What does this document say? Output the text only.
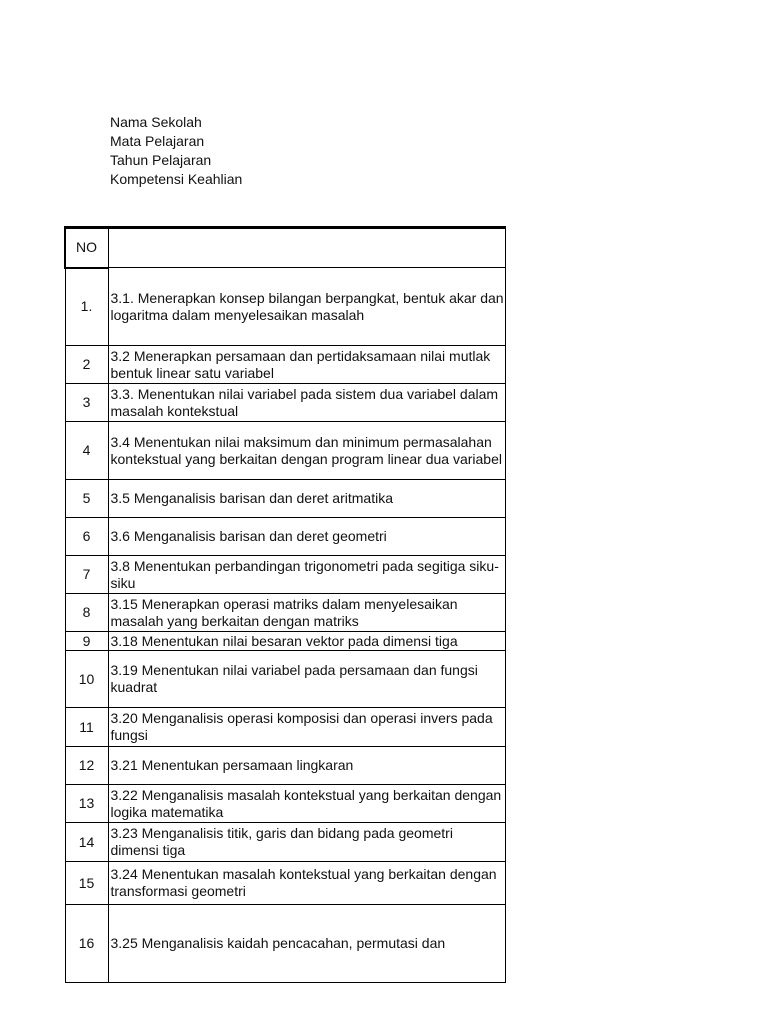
Nama Sekolah
Mata Pelajaran
Tahun Pelajaran
Kompetensi Keahlian
NO	
1.	3.1. Menerapkan konsep bilangan berpangkat, bentuk akar dan logaritma dalam menyelesaikan masalah
2	3.2 Menerapkan persamaan dan pertidaksamaan nilai mutlak bentuk linear satu variabel
3	3.3. Menentukan nilai variabel pada sistem dua variabel dalam masalah kontekstual
4	3.4 Menentukan nilai maksimum dan minimum permasalahan kontekstual yang berkaitan dengan program linear dua variabel
5	3.5 Menganalisis barisan dan deret aritmatika
6	3.6 Menganalisis barisan dan deret geometri
7	3.8 Menentukan perbandingan trigonometri pada segitiga siku-siku
8	3.15 Menerapkan operasi matriks dalam menyelesaikan masalah yang berkaitan dengan matriks
9	3.18 Menentukan nilai besaran vektor pada dimensi tiga
10	3.19 Menentukan nilai variabel pada persamaan dan fungsi kuadrat
11	3.20 Menganalisis operasi komposisi dan operasi invers pada fungsi
12	3.21 Menentukan persamaan lingkaran
13	3.22 Menganalisis masalah kontekstual yang berkaitan dengan logika matematika
14	3.23 Menganalisis titik, garis dan bidang pada geometri dimensi tiga
15	3.24 Menentukan masalah kontekstual yang berkaitan dengan transformasi geometri
16	3.25 Menganalisis kaidah pencacahan, permutasi dan
